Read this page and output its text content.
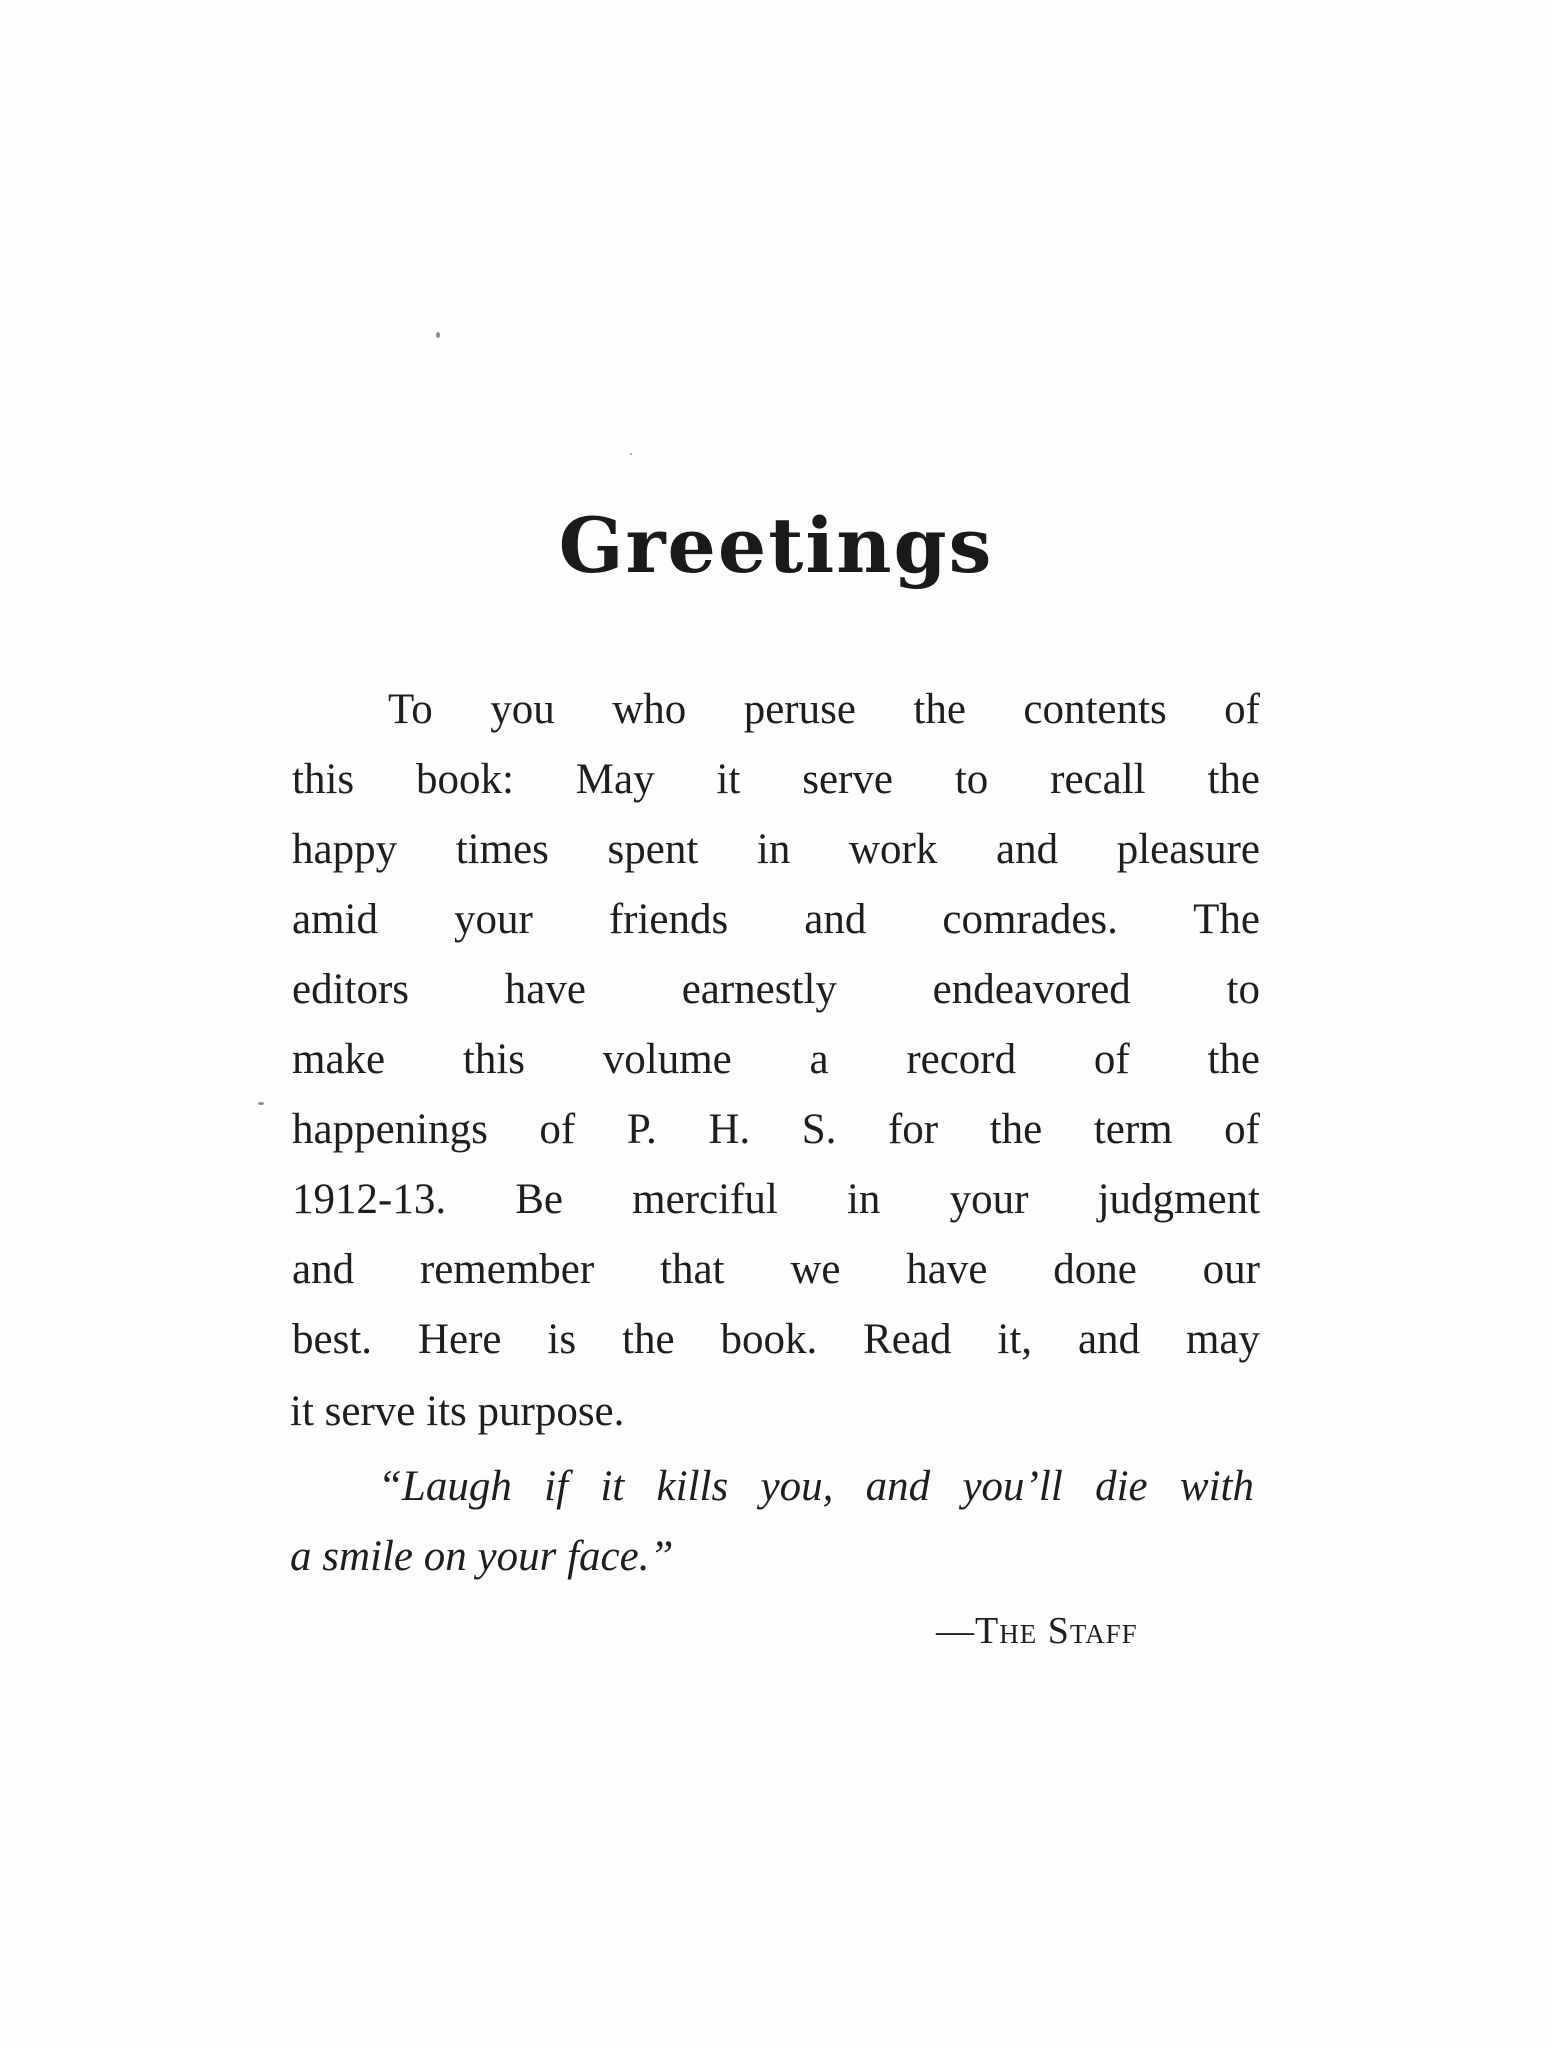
Greetings
To you who peruse the contents of
this book: May it serve to recall the
happy times spent in work and pleasure
amid your friends and comrades. The
editors have earnestly endeavored to
make this volume a record of the
happenings of P. H. S. for the term of
1912-13. Be merciful in your judgment
and remember that we have done our
best. Here is the book. Read it, and may
it serve its purpose.
“Laugh if it kills you, and you’ll die with
a smile on your face.”
—The Staff
